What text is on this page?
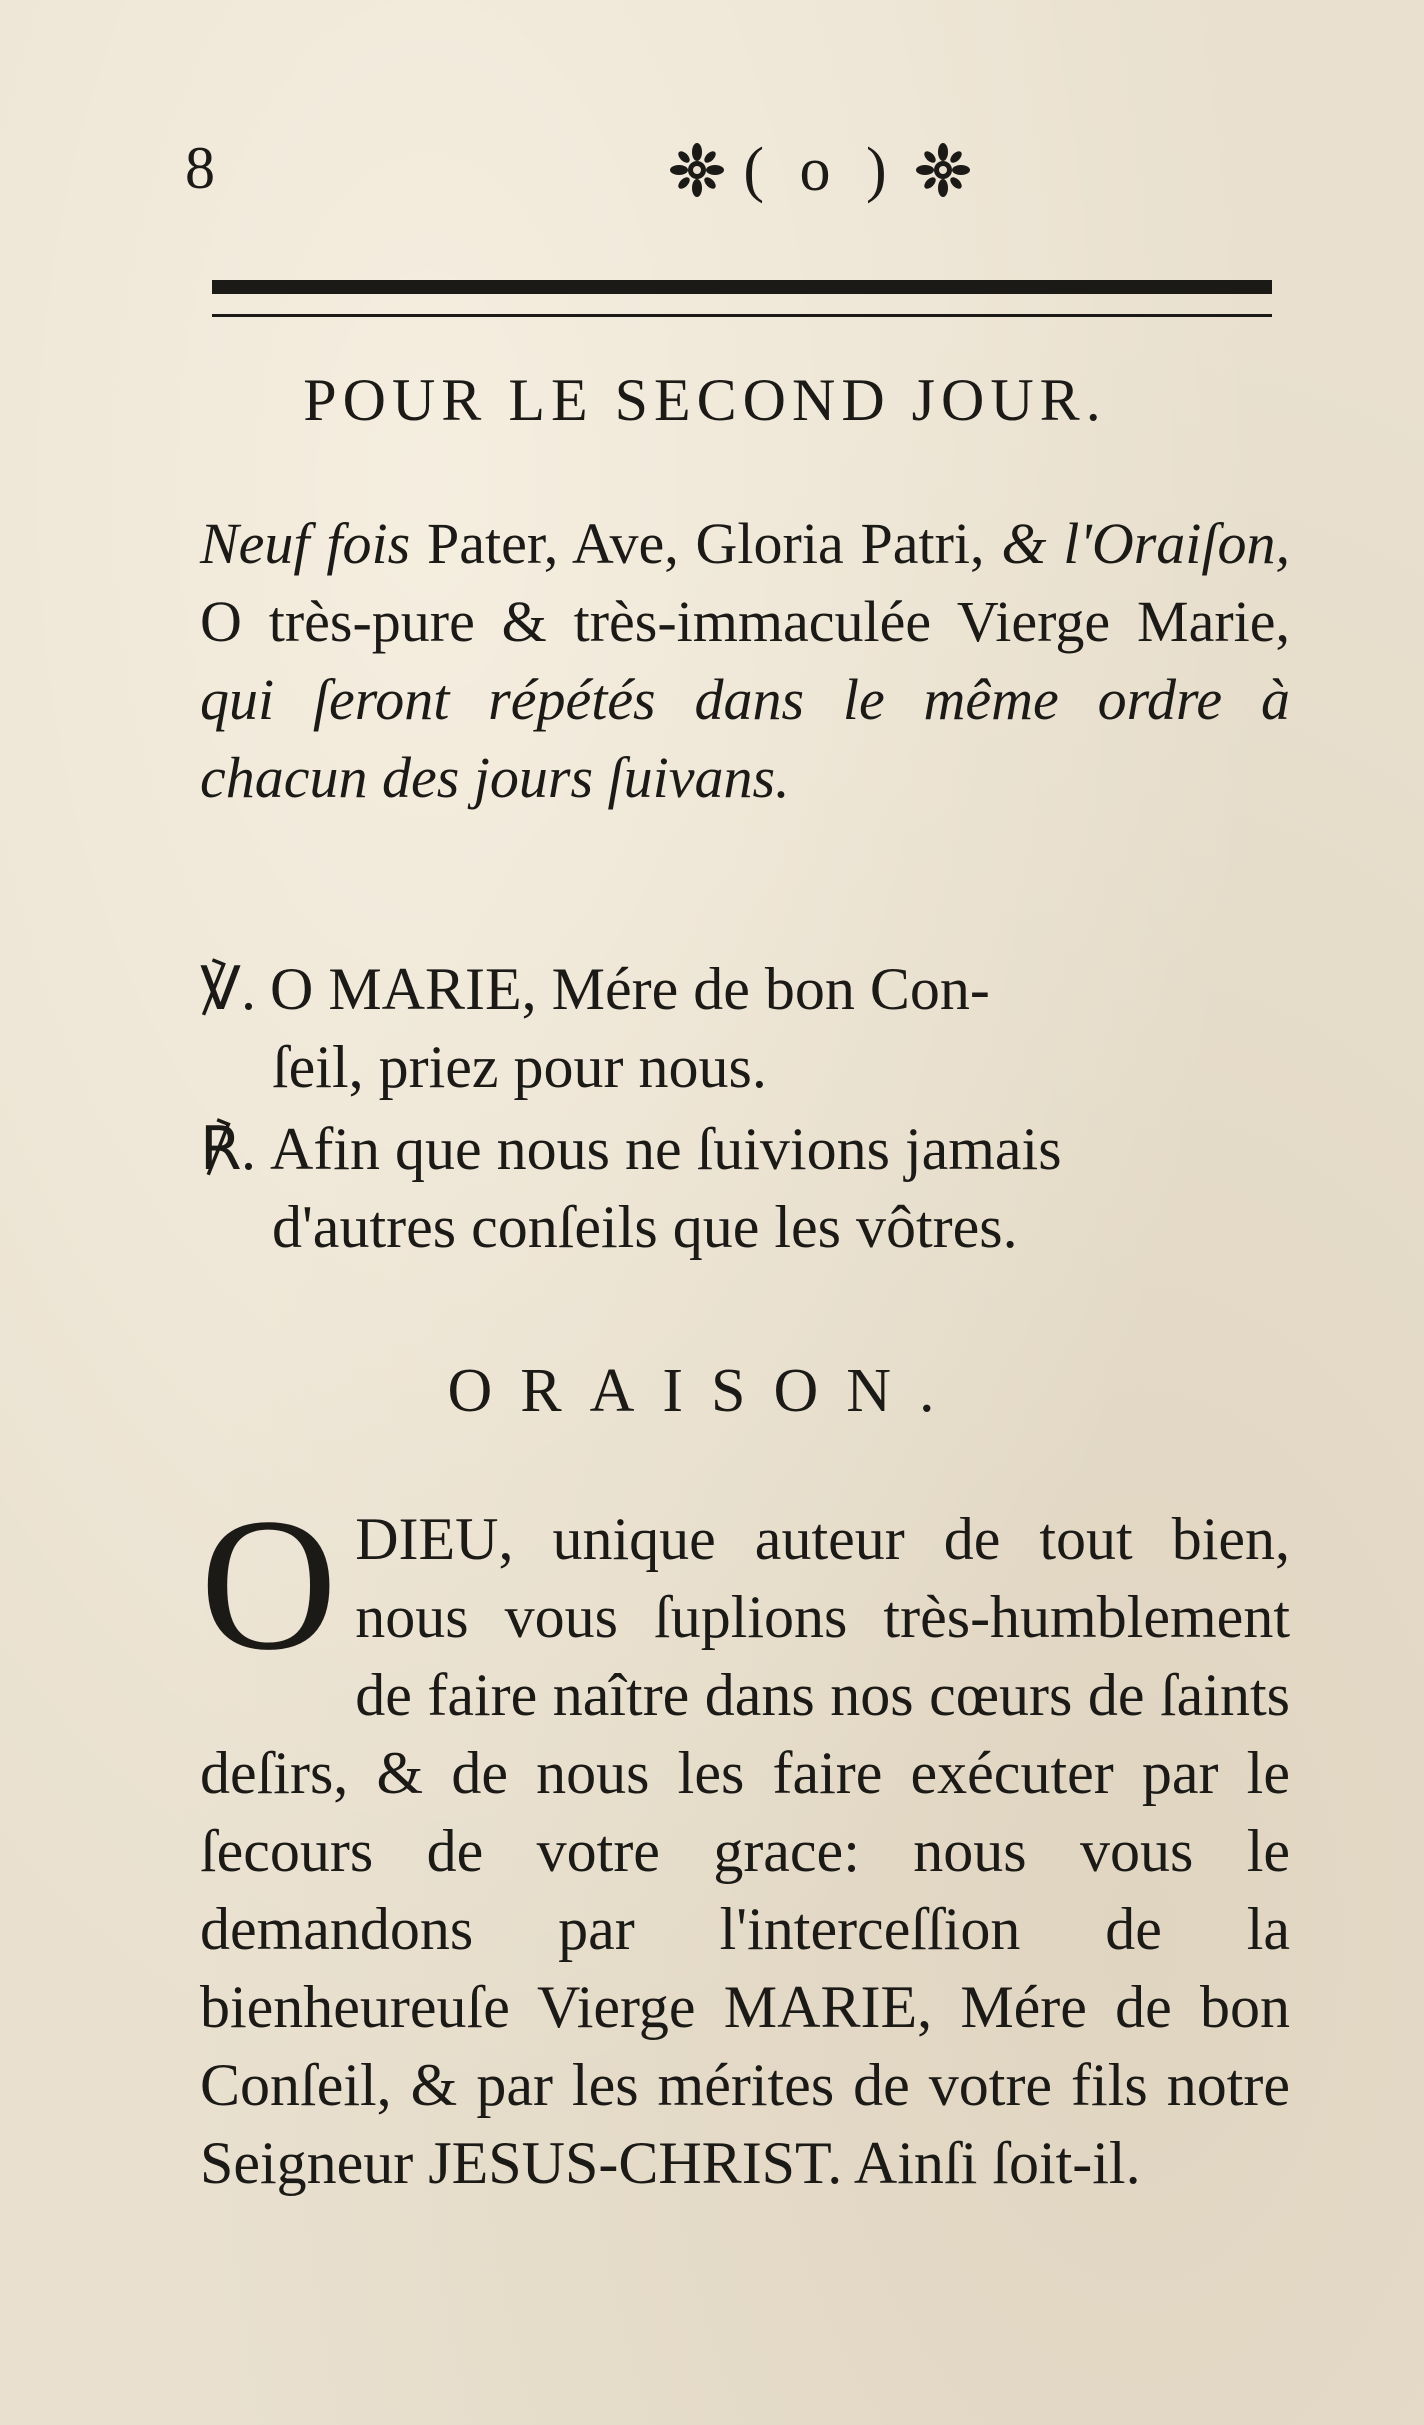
8	( o )
POUR LE SECOND JOUR.
Neuf fois Pater, Ave, Gloria Patri, & l'Oraiſon, O très-pure & très-immaculée Vierge Marie, qui ſeront répétés dans le même ordre à chacun des jours ſuivans.
℣. O MARIE, Mére de bon Con-
ſeil, priez pour nous.
℟. Afin que nous ne ſuivions jamais
d'autres conſeils que les vôtres.
ORAISON.
ODIEU, unique auteur de tout bien, nous vous ſuplions très-humblement de faire naître dans nos cœurs de ſaints deſirs, & de nous les faire exécuter par le ſecours de votre grace: nous vous le demandons par l'interceſſion de la bienheureuſe Vierge MARIE, Mére de bon Conſeil, & par les mérites de votre fils notre Seigneur JESUS-CHRIST. Ainſi ſoit-il.
